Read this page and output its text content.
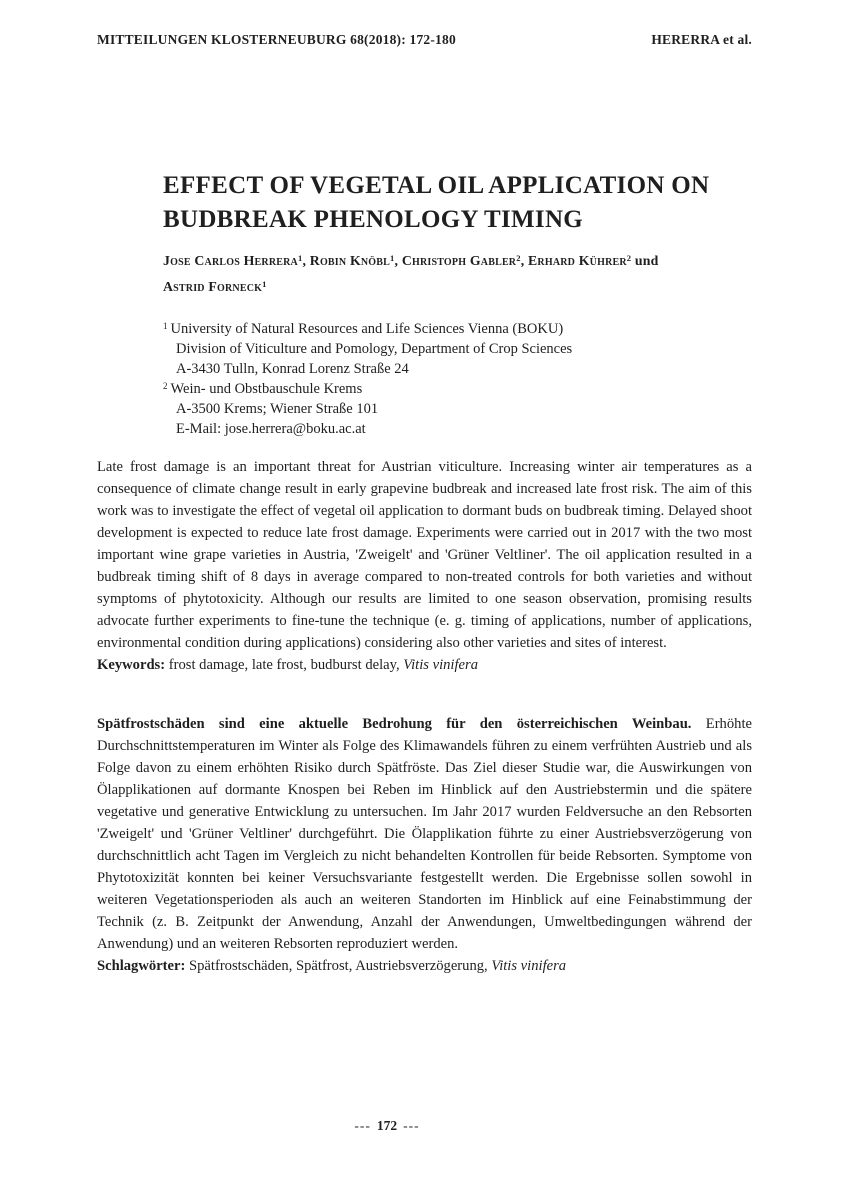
MITTEILUNGEN KLOSTERNEUBURG 68(2018): 172-180	HERERRA et al.
EFFECT OF VEGETAL OIL APPLICATION ON
BUDBREAK PHENOLOGY TIMING
Jose Carlos Herrera$^1$, Robin Knöbl$^1$, Christoph Gabler$^2$, Erhard Kührer$^2$ und
Astrid Forneck$^1$
$^1$ University of Natural Resources and Life Sciences Vienna (BOKU)
Division of Viticulture and Pomology, Department of Crop Sciences
A-3430 Tulln, Konrad Lorenz Straße 24
$^2$ Wein- und Obstbauschule Krems
A-3500 Krems; Wiener Straße 101
E-Mail: jose.herrera@boku.ac.at
Late frost damage is an important threat for Austrian viticulture. Increasing winter air temperatures as a consequence of climate change result in early grapevine budbreak and increased late frost risk. The aim of this work was to investigate the effect of vegetal oil application to dormant buds on budbreak timing. Delayed shoot development is expected to reduce late frost damage. Experiments were carried out in 2017 with the two most important wine grape varieties in Austria, 'Zweigelt' and 'Grüner Veltliner'. The oil application resulted in a budbreak timing shift of 8 days in average compared to non-treated controls for both varieties and without symptoms of phytotoxicity. Although our results are limited to one season observation, promising results advocate further experiments to fine-tune the technique (e. g. timing of applications, number of applications, environmental condition during applications) considering also other varieties and sites of interest.
Keywords: frost damage, late frost, budburst delay, Vitis vinifera
Spätfrostschäden sind eine aktuelle Bedrohung für den österreichischen Weinbau. Erhöhte Durchschnittstemperaturen im Winter als Folge des Klimawandels führen zu einem verfrühten Austrieb und als Folge davon zu einem erhöhten Risiko durch Spätfröste. Das Ziel dieser Studie war, die Auswirkungen von Ölapplikationen auf dormante Knospen bei Reben im Hinblick auf den Austriebstermin und die spätere vegetative und generative Entwicklung zu untersuchen. Im Jahr 2017 wurden Feldversuche an den Rebsorten 'Zweigelt' und 'Grüner Veltliner' durchgeführt. Die Ölapplikation führte zu einer Austriebsverzögerung von durchschnittlich acht Tagen im Vergleich zu nicht behandelten Kontrollen für beide Rebsorten. Symptome von Phytotoxizität konnten bei keiner Versuchsvariante festgestellt werden. Die Ergebnisse sollen sowohl in weiteren Vegetationsperioden als auch an weiteren Standorten im Hinblick auf eine Feinabstimmung der Technik (z. B. Zeitpunkt der Anwendung, Anzahl der Anwendungen, Umweltbedingungen während der Anwendung) und an weiteren Rebsorten reproduziert werden.
Schlagwörter: Spätfrostschäden, Spätfrost, Austriebsverzögerung, Vitis vinifera
--- 172 ---
